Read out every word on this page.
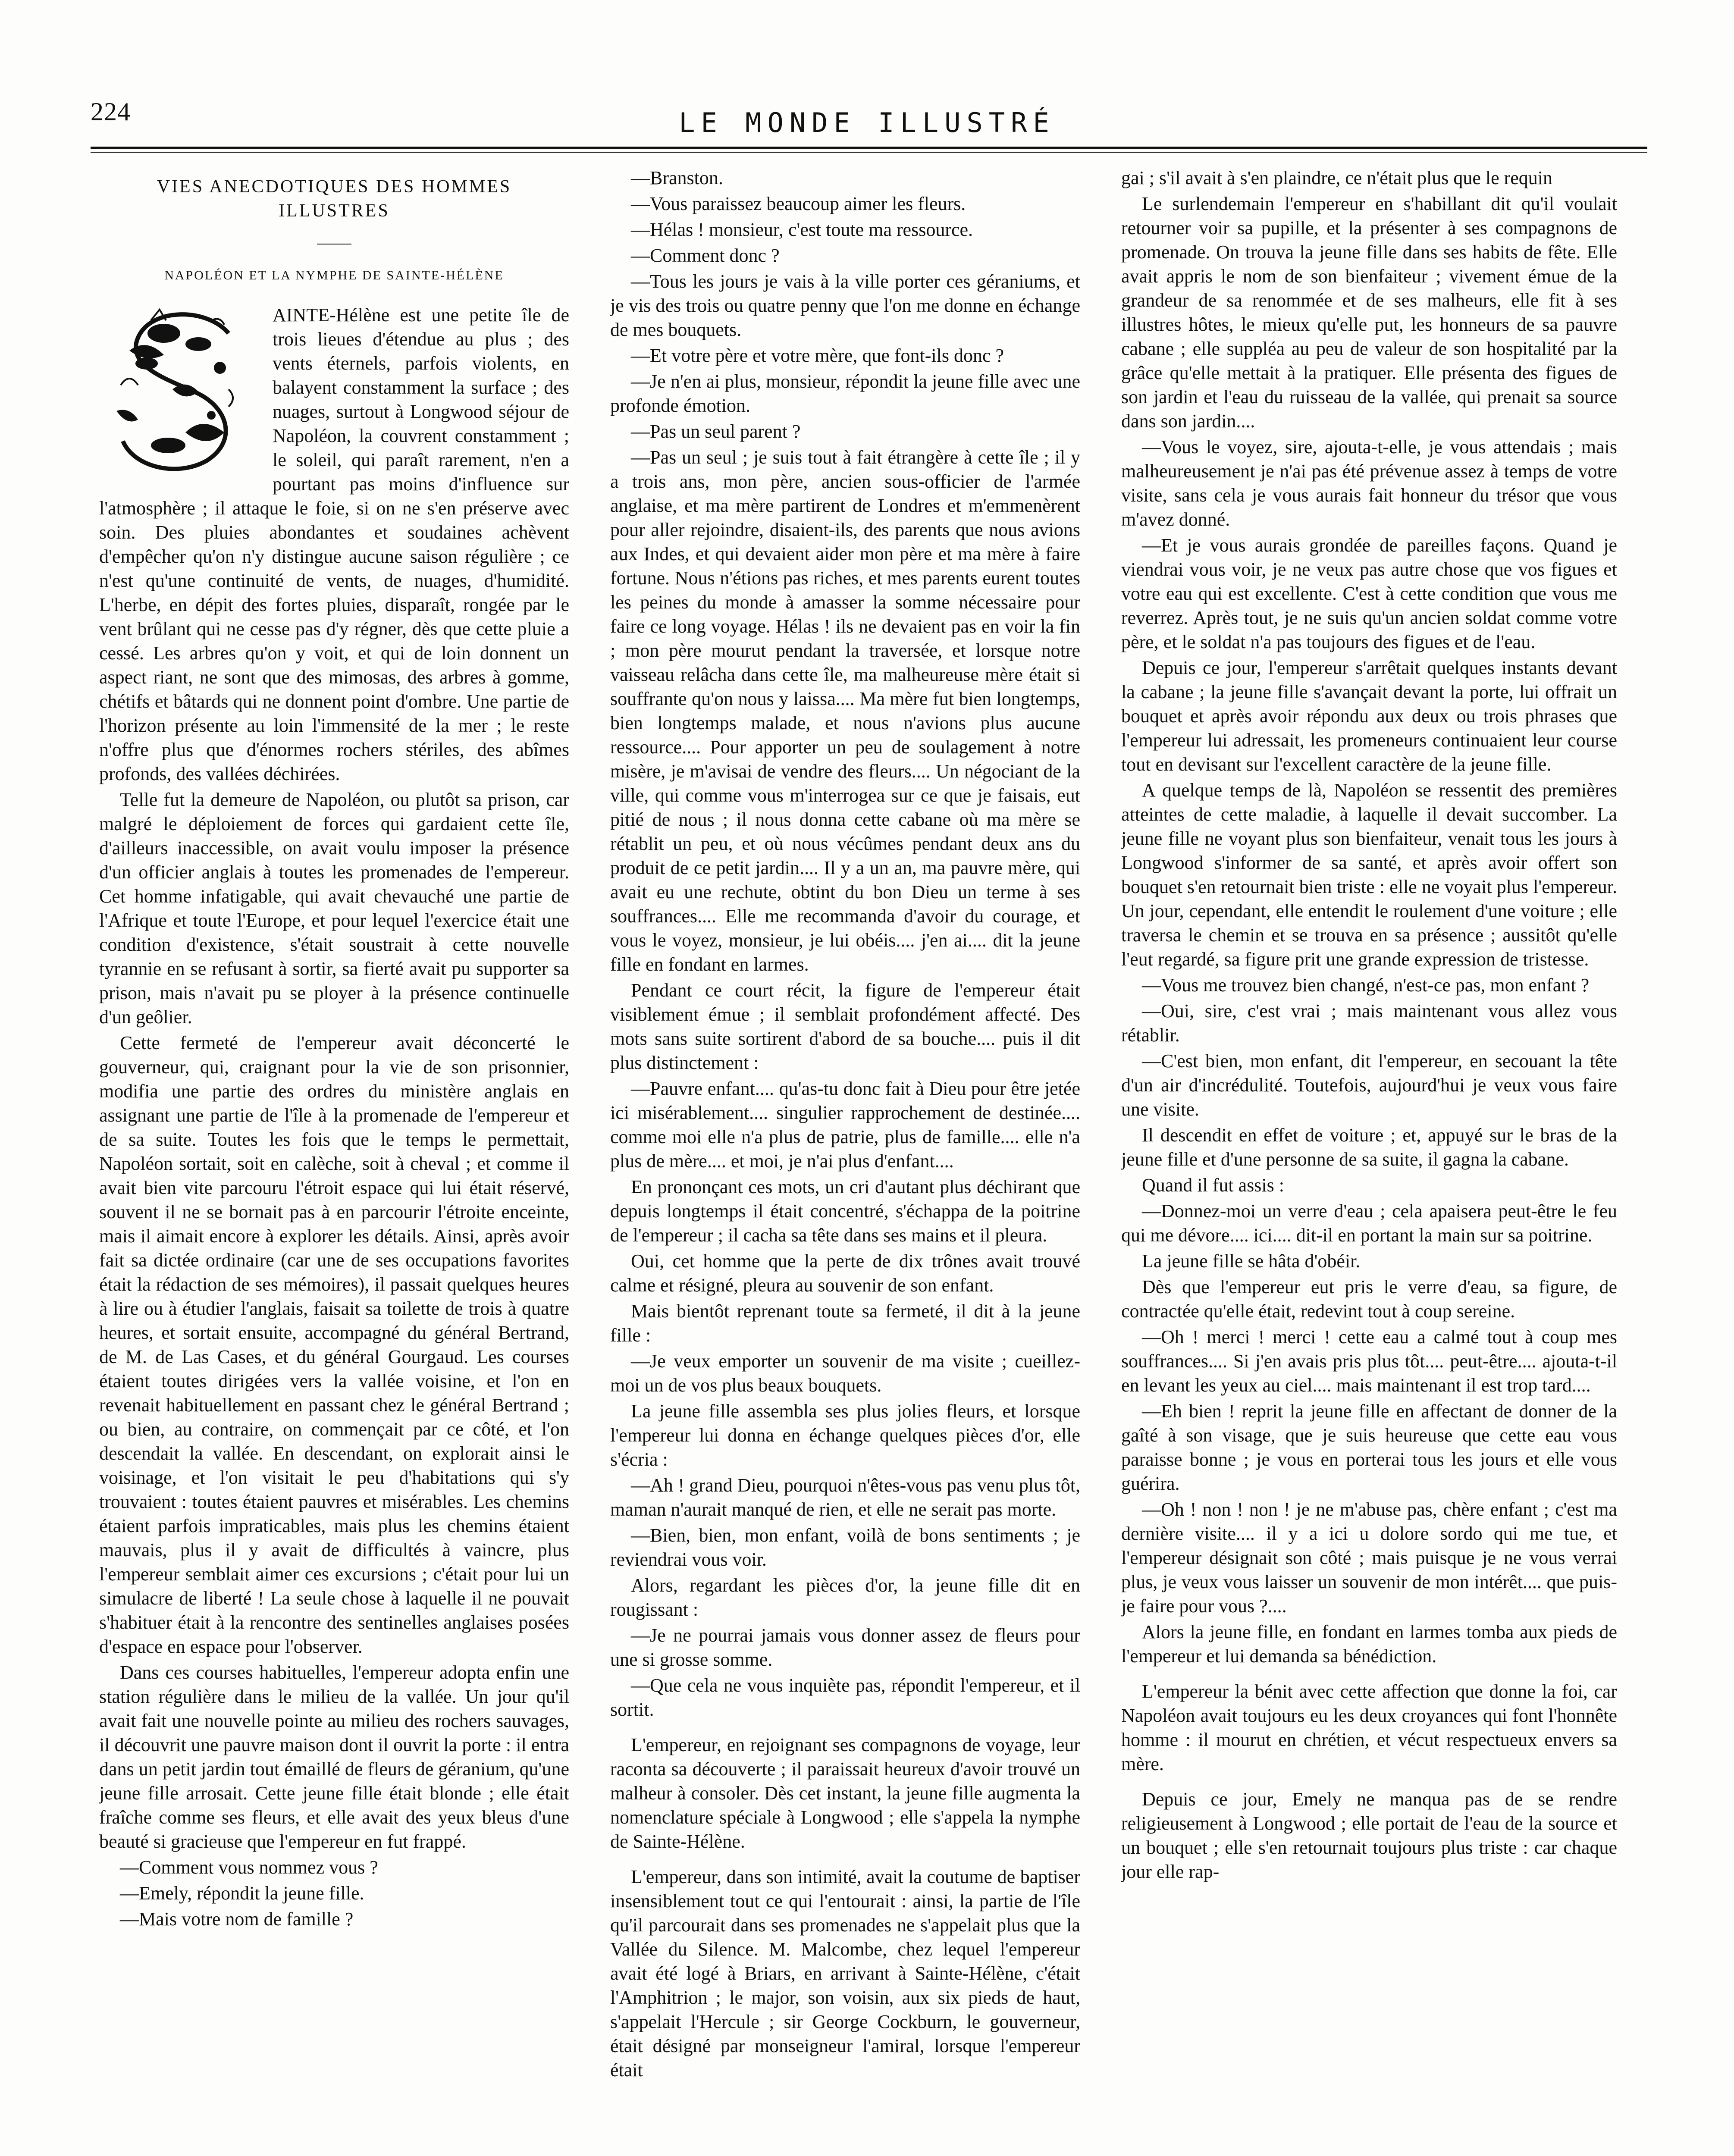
224	LE MONDE ILLUSTRÉ
VIES ANECDOTIQUES DES HOMMES ILLUSTRES
NAPOLÉON ET LA NYMPHE DE SAINTE-HÉLÈNE

AINTE-Hélène est une petite île de trois lieues d'étendue au plus ; des vents éternels, parfois violents, en balayent constamment la surface ; des nuages, surtout à Longwood séjour de Napoléon, la couvrent constamment ; le soleil, qui paraît rarement, n'en a pourtant pas moins d'influence sur l'atmosphère ; il attaque le foie, si on ne s'en préserve avec soin. Des pluies abondantes et soudaines achèvent d'empêcher qu'on n'y distingue aucune saison régulière ; ce n'est qu'une continuité de vents, de nuages, d'humidité. L'herbe, en dépit des fortes pluies, disparaît, rongée par le vent brûlant qui ne cesse pas d'y régner, dès que cette pluie a cessé. Les arbres qu'on y voit, et qui de loin donnent un aspect riant, ne sont que des mimosas, des arbres à gomme, chétifs et bâtards qui ne donnent point d'ombre. Une partie de l'horizon présente au loin l'immensité de la mer ; le reste n'offre plus que d'énormes rochers stériles, des abîmes profonds, des vallées déchirées.

Telle fut la demeure de Napoléon, ou plutôt sa prison, car malgré le déploiement de forces qui gardaient cette île, d'ailleurs inaccessible, on avait voulu imposer la présence d'un officier anglais à toutes les promenades de l'empereur. Cet homme infatigable, qui avait chevauché une partie de l'Afrique et toute l'Europe, et pour lequel l'exercice était une condition d'existence, s'était soustrait à cette nouvelle tyrannie en se refusant à sortir, sa fierté avait pu supporter sa prison, mais n'avait pu se ployer à la présence continuelle d'un geôlier.

Cette fermeté de l'empereur avait déconcerté le gouverneur, qui, craignant pour la vie de son prisonnier, modifia une partie des ordres du ministère anglais en assignant une partie de l'île à la promenade de l'empereur et de sa suite. Toutes les fois que le temps le permettait, Napoléon sortait, soit en calèche, soit à cheval ; et comme il avait bien vite parcouru l'étroit espace qui lui était réservé, souvent il ne se bornait pas à en parcourir l'étroite enceinte, mais il aimait encore à explorer les détails. Ainsi, après avoir fait sa dictée ordinaire (car une de ses occupations favorites était la rédaction de ses mémoires), il passait quelques heures à lire ou à étudier l'anglais, faisait sa toilette de trois à quatre heures, et sortait ensuite, accompagné du général Bertrand, de M. de Las Cases, et du général Gourgaud. Les courses étaient toutes dirigées vers la vallée voisine, et l'on en revenait habituellement en passant chez le général Bertrand ; ou bien, au contraire, on commençait par ce côté, et l'on descendait la vallée. En descendant, on explorait ainsi le voisinage, et l'on visitait le peu d'habitations qui s'y trouvaient : toutes étaient pauvres et misérables. Les chemins étaient parfois impraticables, mais plus les chemins étaient mauvais, plus il y avait de difficultés à vaincre, plus l'empereur semblait aimer ces excursions ; c'était pour lui un simulacre de liberté ! La seule chose à laquelle il ne pouvait s'habituer était à la rencontre des sentinelles anglaises posées d'espace en espace pour l'observer.

Dans ces courses habituelles, l'empereur adopta enfin une station régulière dans le milieu de la vallée. Un jour qu'il avait fait une nouvelle pointe au milieu des rochers sauvages, il découvrit une pauvre maison dont il ouvrit la porte : il entra dans un petit jardin tout émaillé de fleurs de géranium, qu'une jeune fille arrosait. Cette jeune fille était blonde ; elle était fraîche comme ses fleurs, et elle avait des yeux bleus d'une beauté si gracieuse que l'empereur en fut frappé.

—Comment vous nommez vous ?

—Emely, répondit la jeune fille.

—Mais votre nom de famille ?

—Branston.

—Vous paraissez beaucoup aimer les fleurs.

—Hélas ! monsieur, c'est toute ma ressource.

—Comment donc ?

—Tous les jours je vais à la ville porter ces géraniums, et je vis des trois ou quatre penny que l'on me donne en échange de mes bouquets.

—Et votre père et votre mère, que font-ils donc ?

—Je n'en ai plus, monsieur, répondit la jeune fille avec une profonde émotion.

—Pas un seul parent ?

—Pas un seul ; je suis tout à fait étrangère à cette île ; il y a trois ans, mon père, ancien sous-officier de l'armée anglaise, et ma mère partirent de Londres et m'emmenèrent pour aller rejoindre, disaient-ils, des parents que nous avions aux Indes, et qui devaient aider mon père et ma mère à faire fortune. Nous n'étions pas riches, et mes parents eurent toutes les peines du monde à amasser la somme nécessaire pour faire ce long voyage. Hélas ! ils ne devaient pas en voir la fin ; mon père mourut pendant la traversée, et lorsque notre vaisseau relâcha dans cette île, ma malheureuse mère était si souffrante qu'on nous y laissa.... Ma mère fut bien longtemps, bien longtemps malade, et nous n'avions plus aucune ressource.... Pour apporter un peu de soulagement à notre misère, je m'avisai de vendre des fleurs.... Un négociant de la ville, qui comme vous m'interrogea sur ce que je faisais, eut pitié de nous ; il nous donna cette cabane où ma mère se rétablit un peu, et où nous vécûmes pendant deux ans du produit de ce petit jardin.... Il y a un an, ma pauvre mère, qui avait eu une rechute, obtint du bon Dieu un terme à ses souffrances.... Elle me recommanda d'avoir du courage, et vous le voyez, monsieur, je lui obéis.... j'en ai.... dit la jeune fille en fondant en larmes.

Pendant ce court récit, la figure de l'empereur était visiblement émue ; il semblait profondément affecté. Des mots sans suite sortirent d'abord de sa bouche.... puis il dit plus distinctement :

—Pauvre enfant.... qu'as-tu donc fait à Dieu pour être jetée ici misérablement.... singulier rapprochement de destinée.... comme moi elle n'a plus de patrie, plus de famille.... elle n'a plus de mère.... et moi, je n'ai plus d'enfant....

En prononçant ces mots, un cri d'autant plus déchirant que depuis longtemps il était concentré, s'échappa de la poitrine de l'empereur ; il cacha sa tête dans ses mains et il pleura.

Oui, cet homme que la perte de dix trônes avait trouvé calme et résigné, pleura au souvenir de son enfant.

Mais bientôt reprenant toute sa fermeté, il dit à la jeune fille :

—Je veux emporter un souvenir de ma visite ; cueillez-moi un de vos plus beaux bouquets.

La jeune fille assembla ses plus jolies fleurs, et lorsque l'empereur lui donna en échange quelques pièces d'or, elle s'écria :

—Ah ! grand Dieu, pourquoi n'êtes-vous pas venu plus tôt, maman n'aurait manqué de rien, et elle ne serait pas morte.

—Bien, bien, mon enfant, voilà de bons sentiments ; je reviendrai vous voir.

Alors, regardant les pièces d'or, la jeune fille dit en rougissant :

—Je ne pourrai jamais vous donner assez de fleurs pour une si grosse somme.

—Que cela ne vous inquiète pas, répondit l'empereur, et il sortit.

L'empereur, en rejoignant ses compagnons de voyage, leur raconta sa découverte ; il paraissait heureux d'avoir trouvé un malheur à consoler. Dès cet instant, la jeune fille augmenta la nomenclature spéciale à Longwood ; elle s'appela la nymphe de Sainte-Hélène.

L'empereur, dans son intimité, avait la coutume de baptiser insensiblement tout ce qui l'entourait : ainsi, la partie de l'île qu'il parcourait dans ses promenades ne s'appelait plus que la Vallée du Silence. M. Malcombe, chez lequel l'empereur avait été logé à Briars, en arrivant à Sainte-Hélène, c'était l'Amphitrion ; le major, son voisin, aux six pieds de haut, s'appelait l'Hercule ; sir George Cockburn, le gouverneur, était désigné par monseigneur l'amiral, lorsque l'empereur était

gai ; s'il avait à s'en plaindre, ce n'était plus que le requin

Le surlendemain l'empereur en s'habillant dit qu'il voulait retourner voir sa pupille, et la présenter à ses compagnons de promenade. On trouva la jeune fille dans ses habits de fête. Elle avait appris le nom de son bienfaiteur ; vivement émue de la grandeur de sa renommée et de ses malheurs, elle fit à ses illustres hôtes, le mieux qu'elle put, les honneurs de sa pauvre cabane ; elle suppléa au peu de valeur de son hospitalité par la grâce qu'elle mettait à la pratiquer. Elle présenta des figues de son jardin et l'eau du ruisseau de la vallée, qui prenait sa source dans son jardin....

—Vous le voyez, sire, ajouta-t-elle, je vous attendais ; mais malheureusement je n'ai pas été prévenue assez à temps de votre visite, sans cela je vous aurais fait honneur du trésor que vous m'avez donné.

—Et je vous aurais grondée de pareilles façons. Quand je viendrai vous voir, je ne veux pas autre chose que vos figues et votre eau qui est excellente. C'est à cette condition que vous me reverrez. Après tout, je ne suis qu'un ancien soldat comme votre père, et le soldat n'a pas toujours des figues et de l'eau.

Depuis ce jour, l'empereur s'arrêtait quelques instants devant la cabane ; la jeune fille s'avançait devant la porte, lui offrait un bouquet et après avoir répondu aux deux ou trois phrases que l'empereur lui adressait, les promeneurs continuaient leur course tout en devisant sur l'excellent caractère de la jeune fille.

A quelque temps de là, Napoléon se ressentit des premières atteintes de cette maladie, à laquelle il devait succomber. La jeune fille ne voyant plus son bienfaiteur, venait tous les jours à Longwood s'informer de sa santé, et après avoir offert son bouquet s'en retournait bien triste : elle ne voyait plus l'empereur. Un jour, cependant, elle entendit le roulement d'une voiture ; elle traversa le chemin et se trouva en sa présence ; aussitôt qu'elle l'eut regardé, sa figure prit une grande expression de tristesse.

—Vous me trouvez bien changé, n'est-ce pas, mon enfant ?

—Oui, sire, c'est vrai ; mais maintenant vous allez vous rétablir.

—C'est bien, mon enfant, dit l'empereur, en secouant la tête d'un air d'incrédulité. Toutefois, aujourd'hui je veux vous faire une visite.

Il descendit en effet de voiture ; et, appuyé sur le bras de la jeune fille et d'une personne de sa suite, il gagna la cabane.

Quand il fut assis :

—Donnez-moi un verre d'eau ; cela apaisera peut-être le feu qui me dévore.... ici.... dit-il en portant la main sur sa poitrine.

La jeune fille se hâta d'obéir.

Dès que l'empereur eut pris le verre d'eau, sa figure, de contractée qu'elle était, redevint tout à coup sereine.

—Oh ! merci ! merci ! cette eau a calmé tout à coup mes souffrances.... Si j'en avais pris plus tôt.... peut-être.... ajouta-t-il en levant les yeux au ciel.... mais maintenant il est trop tard....

—Eh bien ! reprit la jeune fille en affectant de donner de la gaîté à son visage, que je suis heureuse que cette eau vous paraisse bonne ; je vous en porterai tous les jours et elle vous guérira.

—Oh ! non ! non ! je ne m'abuse pas, chère enfant ; c'est ma dernière visite.... il y a ici u dolore sordo qui me tue, et l'empereur désignait son côté ; mais puisque je ne vous verrai plus, je veux vous laisser un souvenir de mon intérêt.... que puis-je faire pour vous ?....

Alors la jeune fille, en fondant en larmes tomba aux pieds de l'empereur et lui demanda sa bénédiction.

L'empereur la bénit avec cette affection que donne la foi, car Napoléon avait toujours eu les deux croyances qui font l'honnête homme : il mourut en chrétien, et vécut respectueux envers sa mère.

Depuis ce jour, Emely ne manqua pas de se rendre religieusement à Longwood ; elle portait de l'eau de la source et un bouquet ; elle s'en retournait toujours plus triste : car chaque jour elle rap-
